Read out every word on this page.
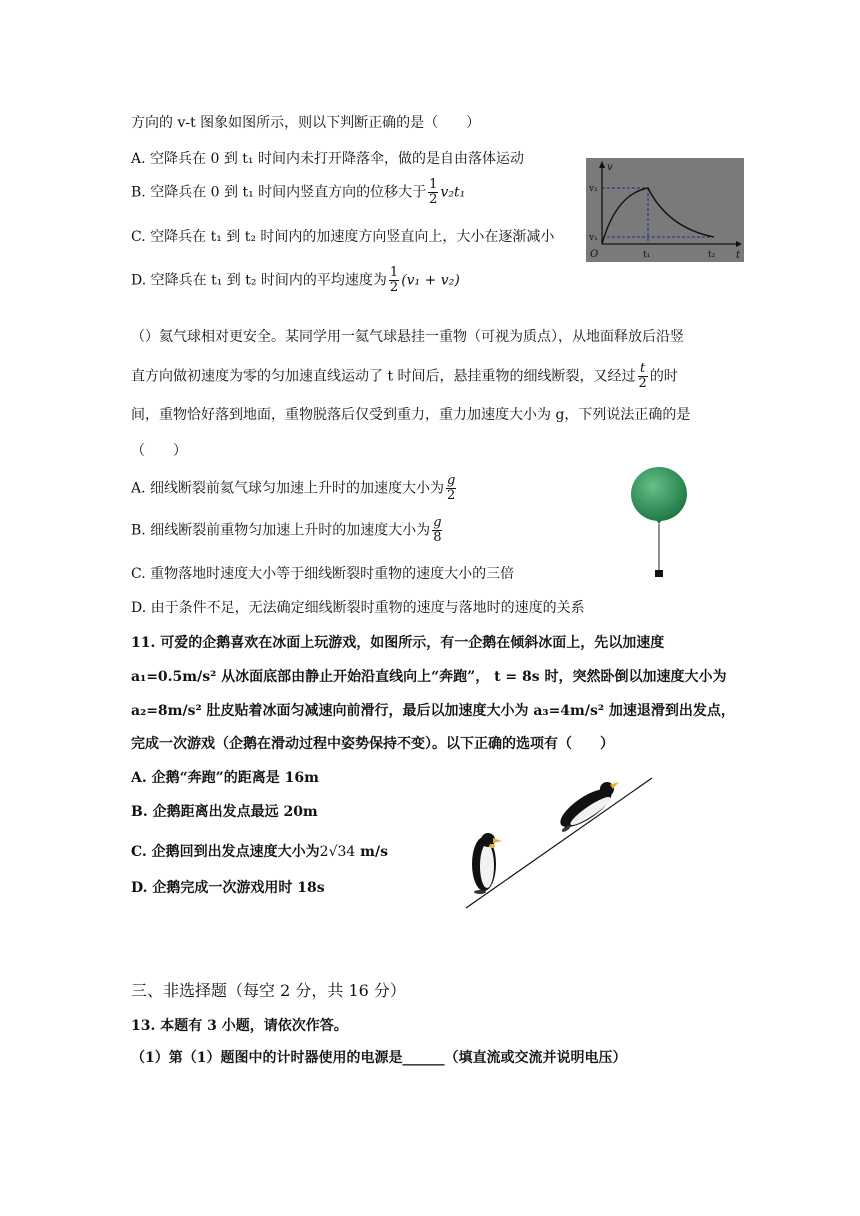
方向的 v-t 图象如图所示，则以下判断正确的是（　　）
A. 空降兵在 0 到 t₁ 时间内未打开降落伞，做的是自由落体运动
B. 空降兵在 0 到 t₁ 时间内竖直方向的位移大于 $\frac{1}{2} v_2t_1$
C. 空降兵在 t₁ 到 t₂ 时间内的加速度方向竖直向上，大小在逐渐减小
D. 空降兵在 t₁ 到 t₂ 时间内的平均速度为 $\frac{1}{2} (v_1 + v_2)$
v
t
O
v₂
v₁
t₁	t₂
（）氦气球相对更安全。某同学用一氦气球悬挂一重物（可视为质点），从地面释放后沿竖
直方向做初速度为零的匀加速直线运动了 t 时间后，悬挂重物的细线断裂，又经过 $\frac{t}{2}$ 的时
间，重物恰好落到地面，重物脱落后仅受到重力，重力加速度大小为 g，下列说法正确的是
（　　）
A. 细线断裂前氦气球匀加速上升时的加速度大小为 $\frac{g}{2}$
B. 细线断裂前重物匀加速上升时的加速度大小为 $\frac{g}{8}$
C. 重物落地时速度大小等于细线断裂时重物的速度大小的三倍
D. 由于条件不足，无法确定细线断裂时重物的速度与落地时的速度的关系
11. 可爱的企鹅喜欢在冰面上玩游戏，如图所示，有一企鹅在倾斜冰面上，先以加速度
a₁=0.5m/s² 从冰面底部由静止开始沿直线向上“奔跑”， t = 8s 时，突然卧倒以加速度大小为
a₂=8m/s² 肚皮贴着冰面匀减速向前滑行，最后以加速度大小为 a₃=4m/s² 加速退滑到出发点，
完成一次游戏（企鹅在滑动过程中姿势保持不变）。以下正确的选项有（　　）
A. 企鹅“奔跑”的距离是 16m
B. 企鹅距离出发点最远 20m
C. 企鹅回到出发点速度大小为2√34 m/s
D. 企鹅完成一次游戏用时 18s
三、非选择题（每空 2 分，共 16 分）
13. 本题有 3 小题，请依次作答。
（1）第（1）题图中的计时器使用的电源是______（填直流或交流并说明电压）
